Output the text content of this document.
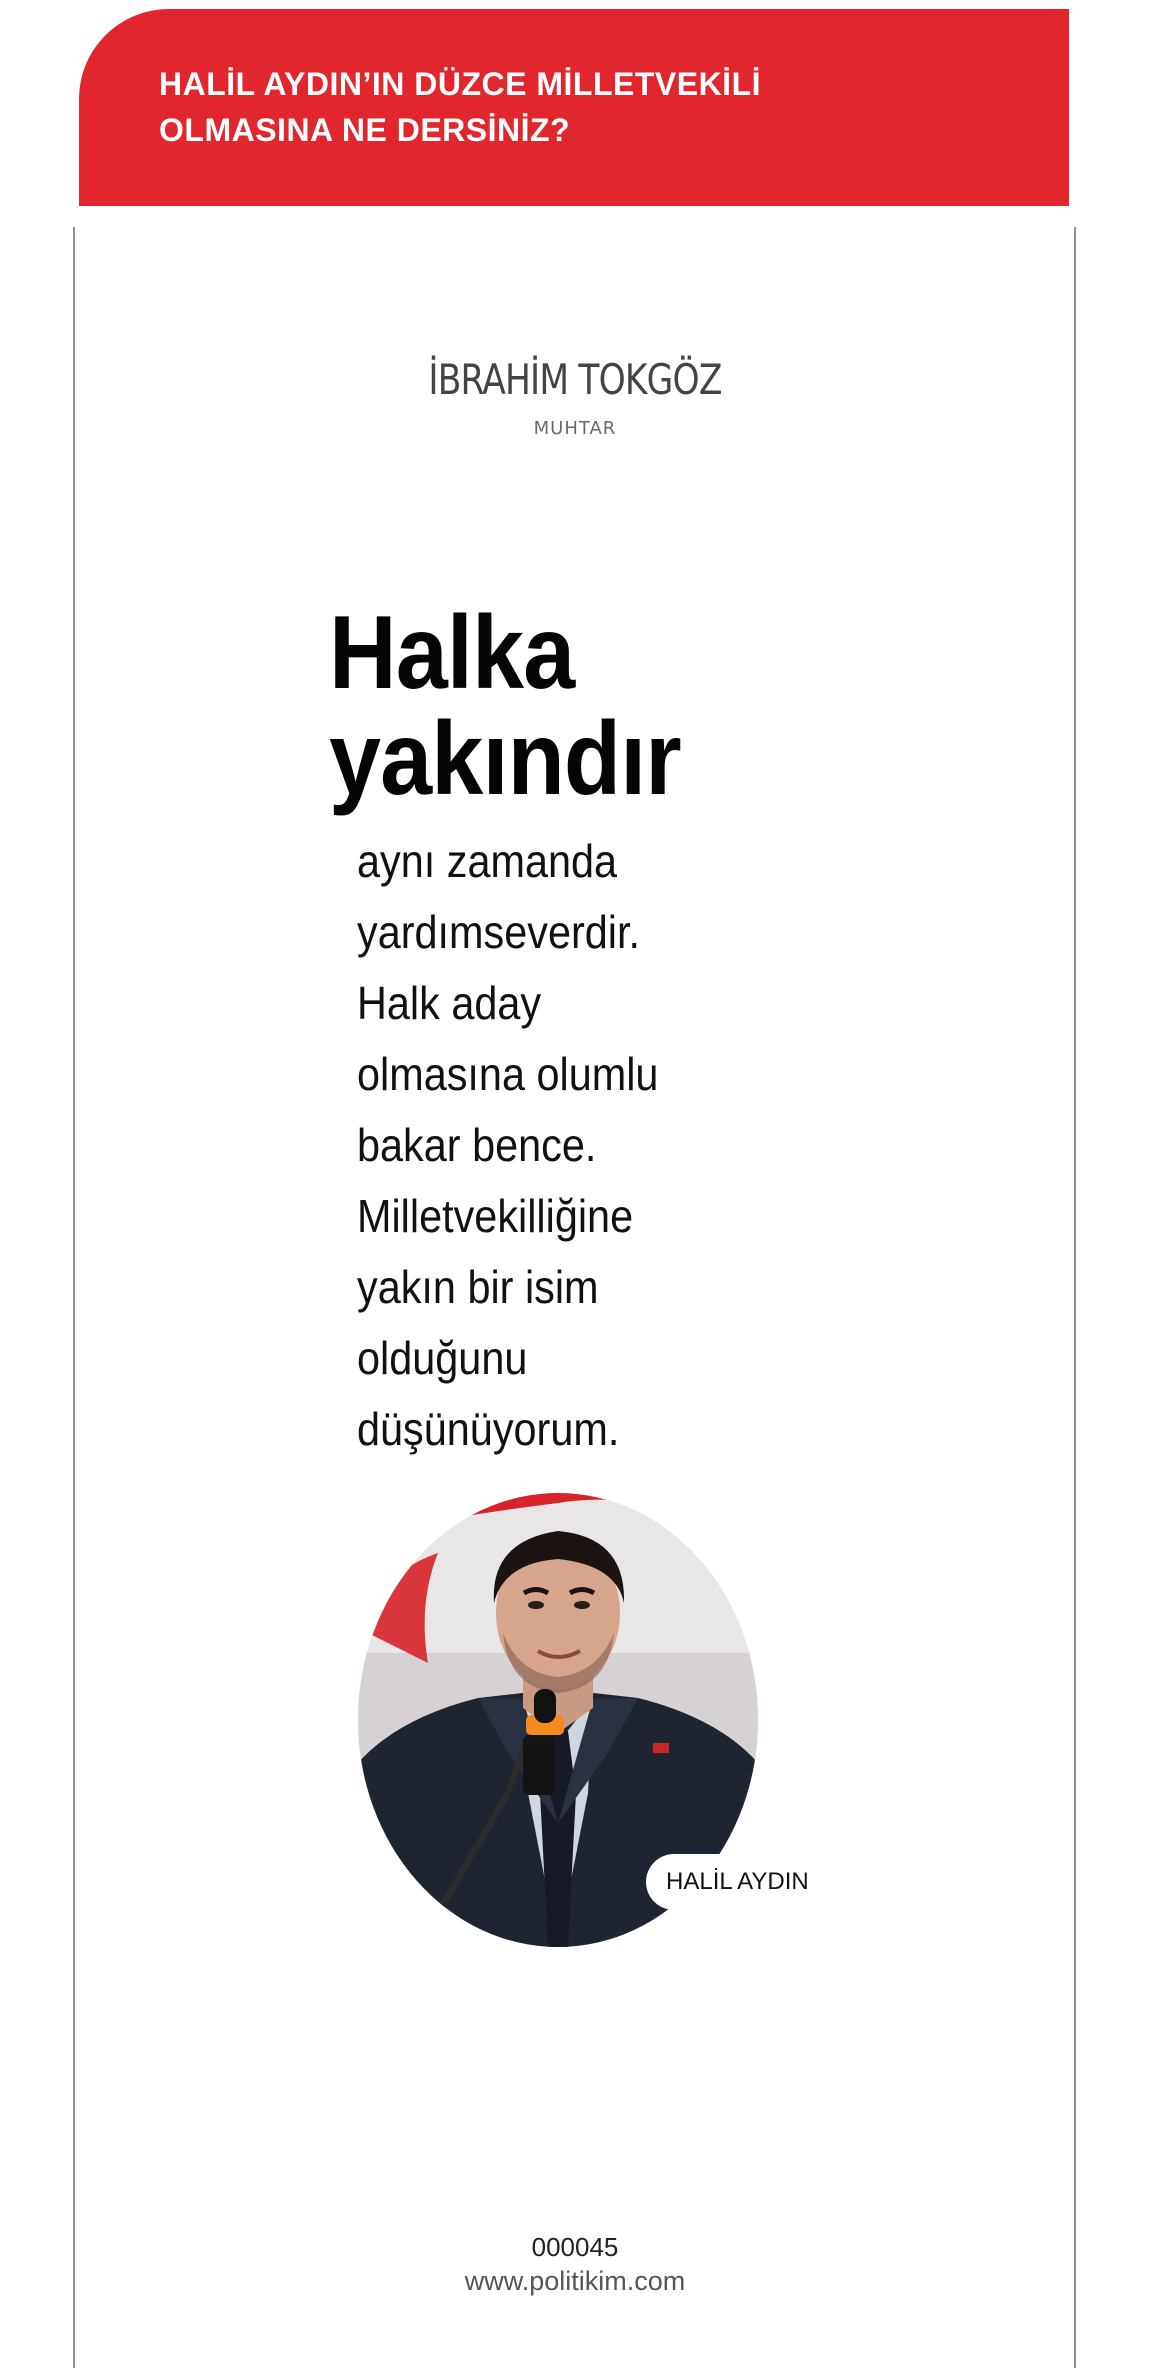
HALİL AYDIN’IN DÜZCE MİLLETVEKİLİ
OLMASINA NE DERSİNİZ?
İBRAHİM TOKGÖZ
MUHTAR
Halka
yakındır
aynı zamanda
yardımseverdir.
Halk aday
olmasına olumlu
bakar bence.
Milletvekilliğine
yakın bir isim
olduğunu
düşünüyorum.
HALİL AYDIN
000045
www.politikim.com
